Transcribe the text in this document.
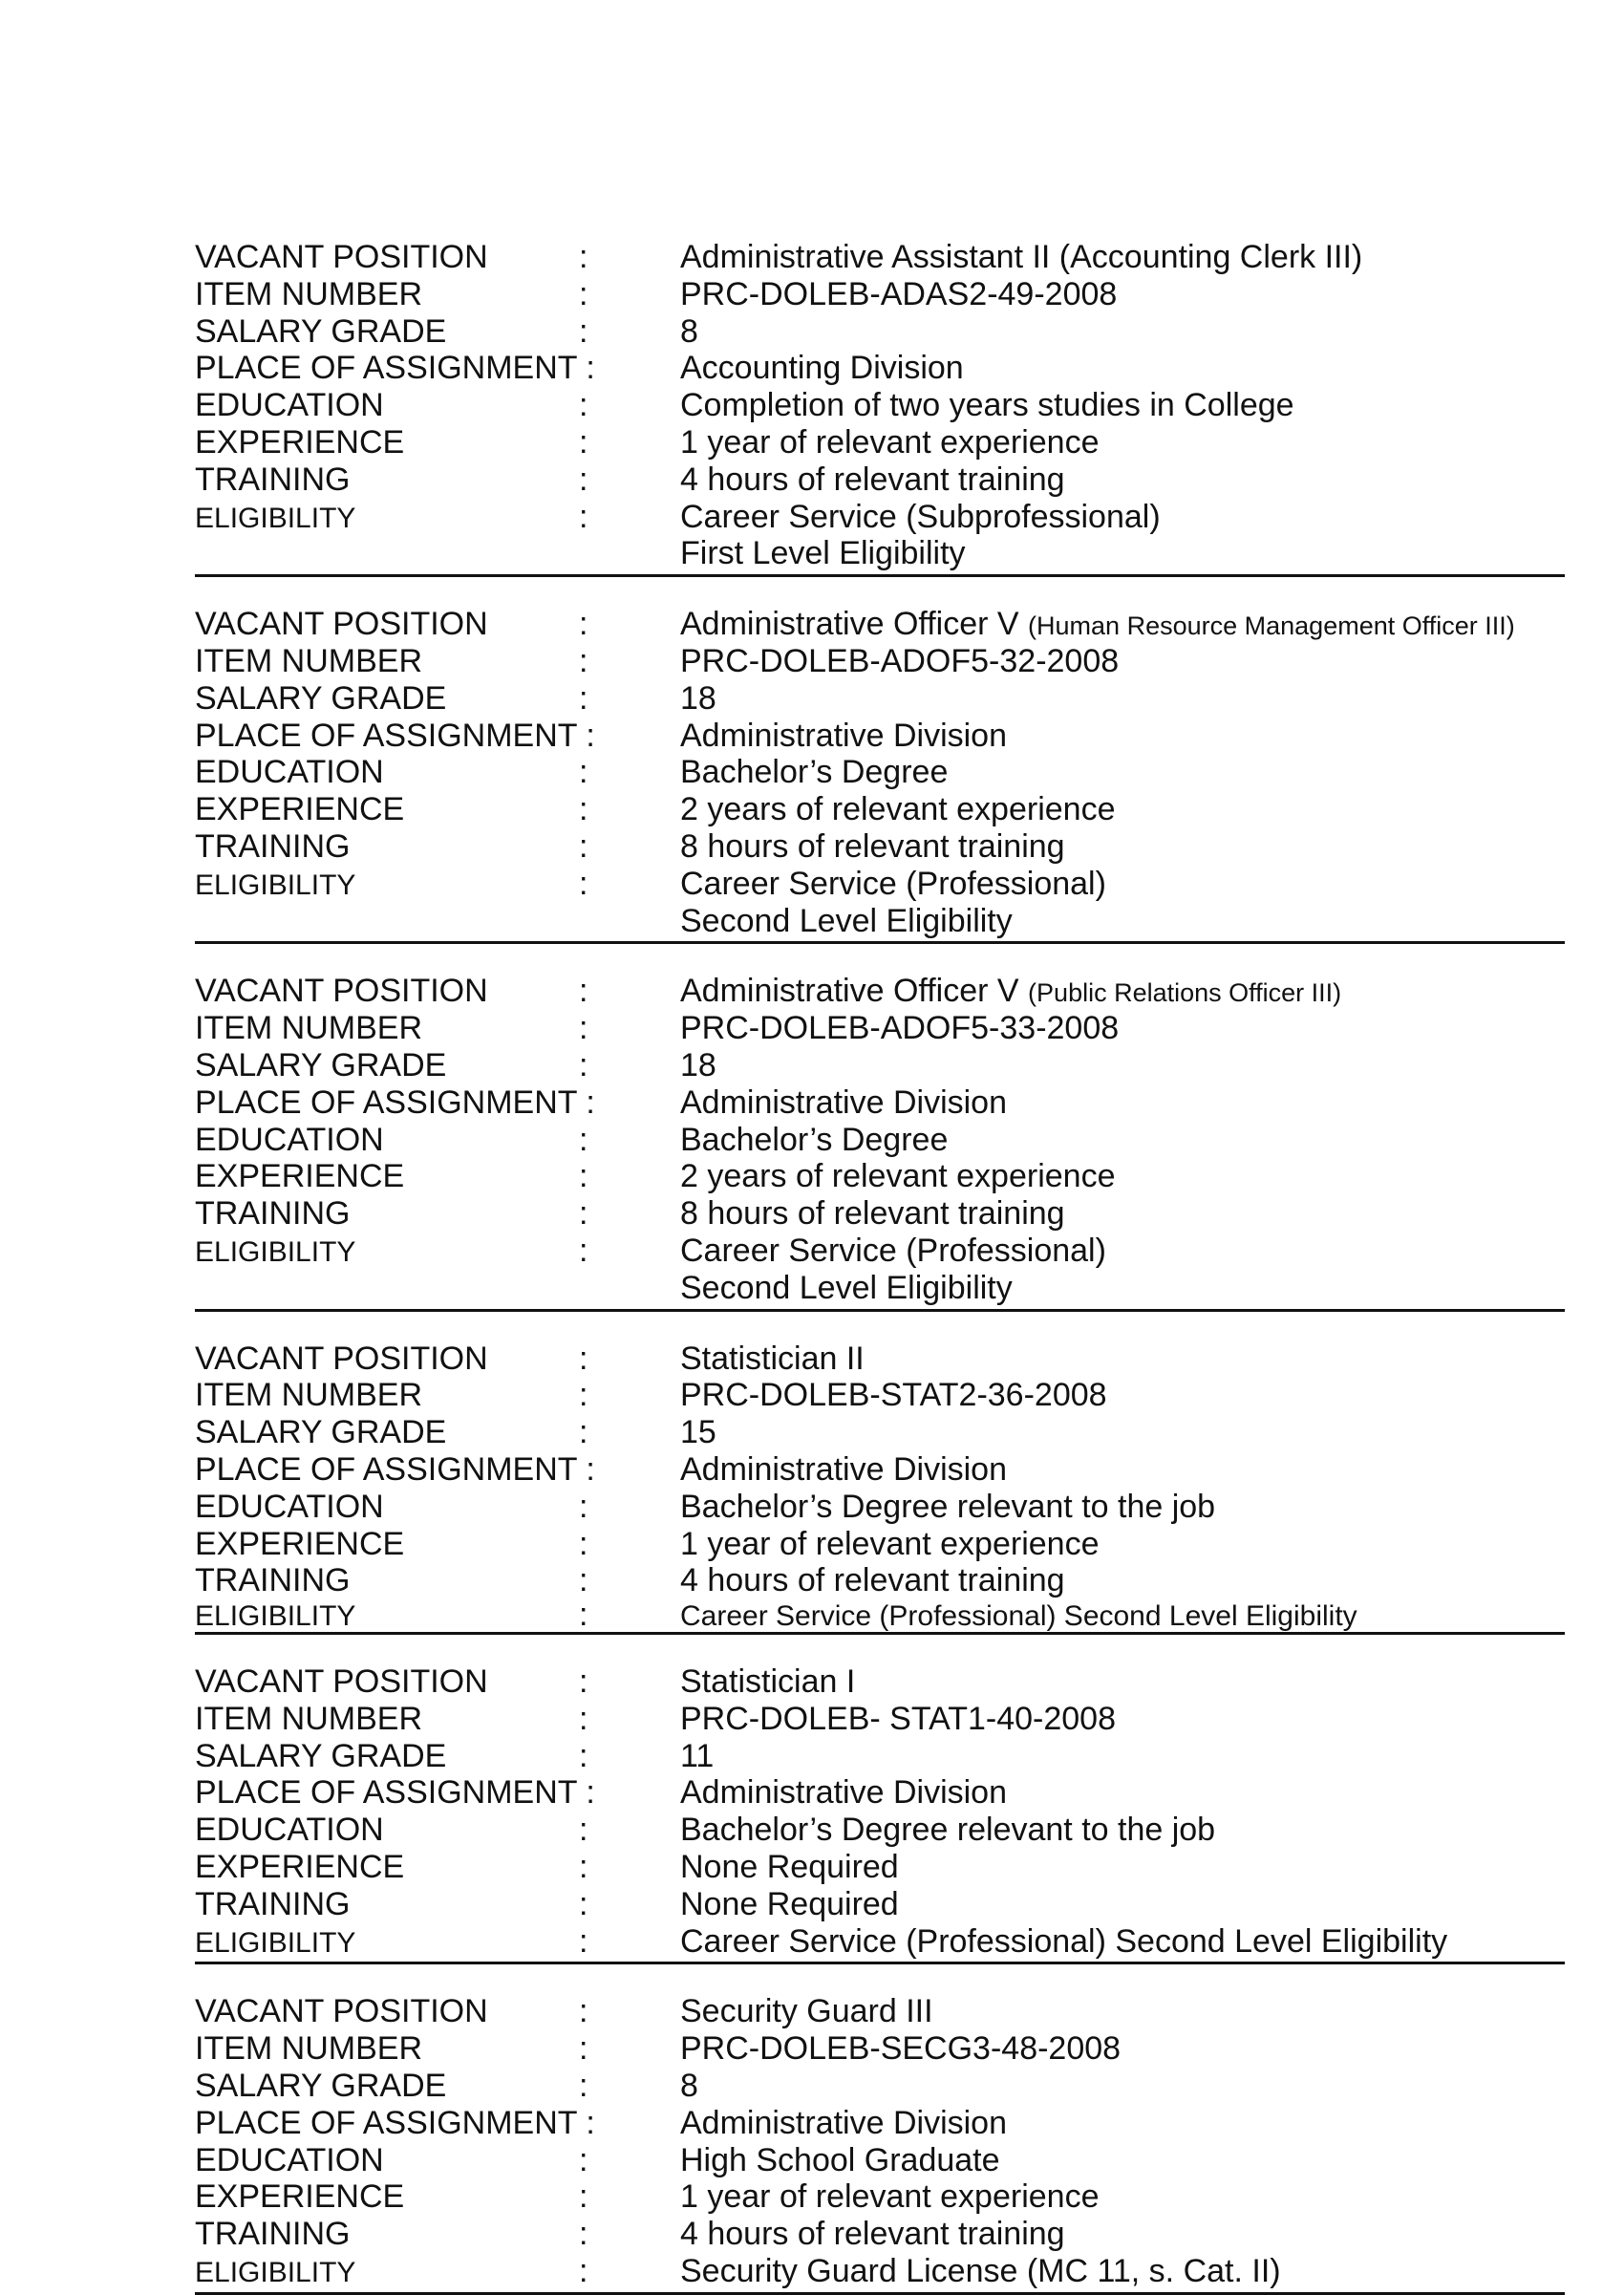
VACANT POSITION	:	Administrative Assistant II (Accounting Clerk III)
ITEM NUMBER	:	PRC-DOLEB-ADAS2-49-2008
SALARY GRADE	:	8
PLACE OF ASSIGNMENT :	Accounting Division
EDUCATION	:	Completion of two years studies in College
EXPERIENCE	:	1 year of relevant experience
TRAINING	:	4 hours of relevant training
ELIGIBILITY	:	Career Service (Subprofessional)
First Level Eligibility
VACANT POSITION	:	Administrative Officer V (Human Resource Management Officer III)
ITEM NUMBER	:	PRC-DOLEB-ADOF5-32-2008
SALARY GRADE	:	18
PLACE OF ASSIGNMENT :	Administrative Division
EDUCATION	:	Bachelor’s Degree
EXPERIENCE	:	2 years of relevant experience
TRAINING	:	8 hours of relevant training
ELIGIBILITY	:	Career Service (Professional)
Second Level Eligibility
VACANT POSITION	:	Administrative Officer V (Public Relations Officer III)
ITEM NUMBER	:	PRC-DOLEB-ADOF5-33-2008
SALARY GRADE	:	18
PLACE OF ASSIGNMENT :	Administrative Division
EDUCATION	:	Bachelor’s Degree
EXPERIENCE	:	2 years of relevant experience
TRAINING	:	8 hours of relevant training
ELIGIBILITY	:	Career Service (Professional)
Second Level Eligibility
VACANT POSITION	:	Statistician II
ITEM NUMBER	:	PRC-DOLEB-STAT2-36-2008
SALARY GRADE	:	15
PLACE OF ASSIGNMENT :	Administrative Division
EDUCATION	:	Bachelor’s Degree relevant to the job
EXPERIENCE	:	1 year of relevant experience
TRAINING	:	4 hours of relevant training
ELIGIBILITY	:	Career Service (Professional) Second Level Eligibility
VACANT POSITION	:	Statistician I
ITEM NUMBER	:	PRC-DOLEB- STAT1-40-2008
SALARY GRADE	:	11
PLACE OF ASSIGNMENT :	Administrative Division
EDUCATION	:	Bachelor’s Degree relevant to the job
EXPERIENCE	:	None Required
TRAINING	:	None Required
ELIGIBILITY	:	Career Service (Professional) Second Level Eligibility
VACANT POSITION	:	Security Guard III
ITEM NUMBER	:	PRC-DOLEB-SECG3-48-2008
SALARY GRADE	:	8
PLACE OF ASSIGNMENT :	Administrative Division
EDUCATION	:	High School Graduate
EXPERIENCE	:	1 year of relevant experience
TRAINING	:	4 hours of relevant training
ELIGIBILITY	:	Security Guard License (MC 11, s. Cat. II)
